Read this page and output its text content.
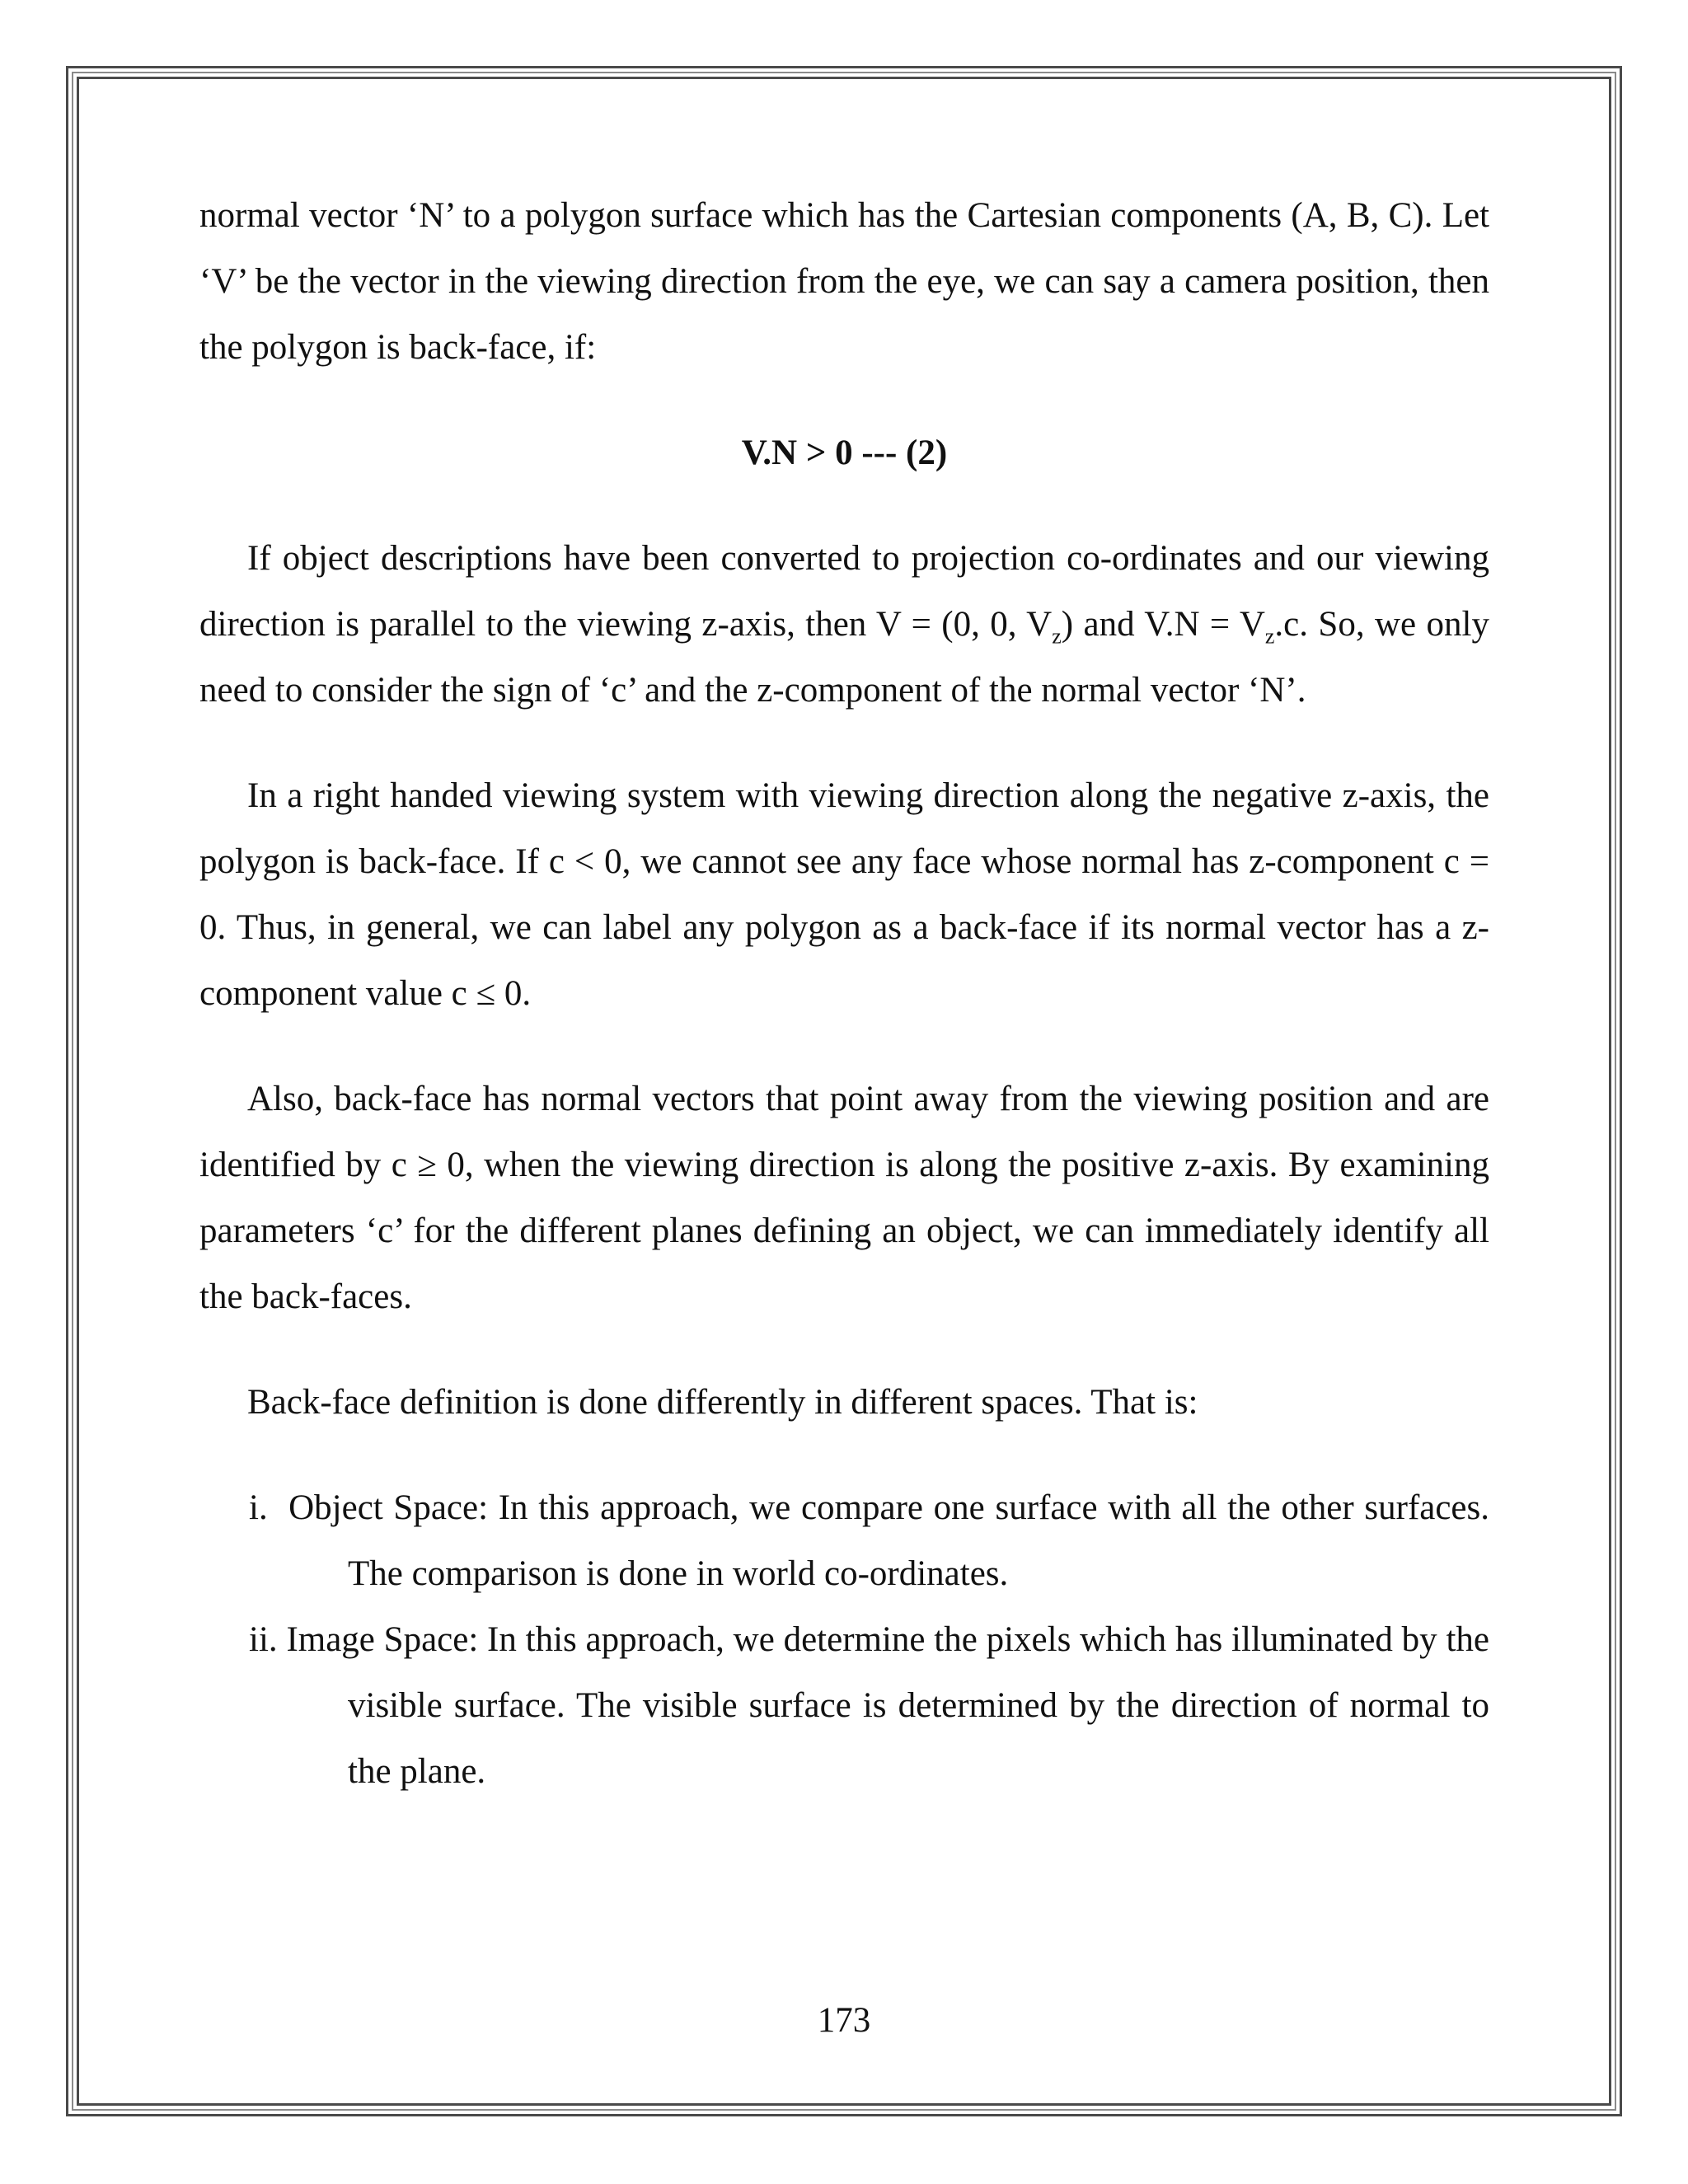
normal vector ‘N’ to a polygon surface which has the Cartesian components (A, B, C). Let ‘V’ be the vector in the viewing direction from the eye, we can say a camera position, then the polygon is back-face, if:

V.N > 0 --- (2)

If object descriptions have been converted to projection co-ordinates and our viewing direction is parallel to the viewing z-axis, then V = (0, 0, $V_z$) and $V.N = V_z.c$. So, we only need to consider the sign of ‘c’ and the z-component of the normal vector ‘N’.

In a right handed viewing system with viewing direction along the negative z-axis, the polygon is back-face. If c < 0, we cannot see any face whose normal has z-component c = 0. Thus, in general, we can label any polygon as a back-face if its normal vector has a z-component value c ≤ 0.

Also, back-face has normal vectors that point away from the viewing position and are identified by c ≥ 0, when the viewing direction is along the positive z-axis. By examining parameters ‘c’ for the different planes defining an object, we can immediately identify all the back-faces.

Back-face definition is done differently in different spaces. That is:

i. Object Space: In this approach, we compare one surface with all the other surfaces. The comparison is done in world co-ordinates.
ii. Image Space: In this approach, we determine the pixels which has illuminated by the visible surface. The visible surface is determined by the direction of normal to the plane.
173
